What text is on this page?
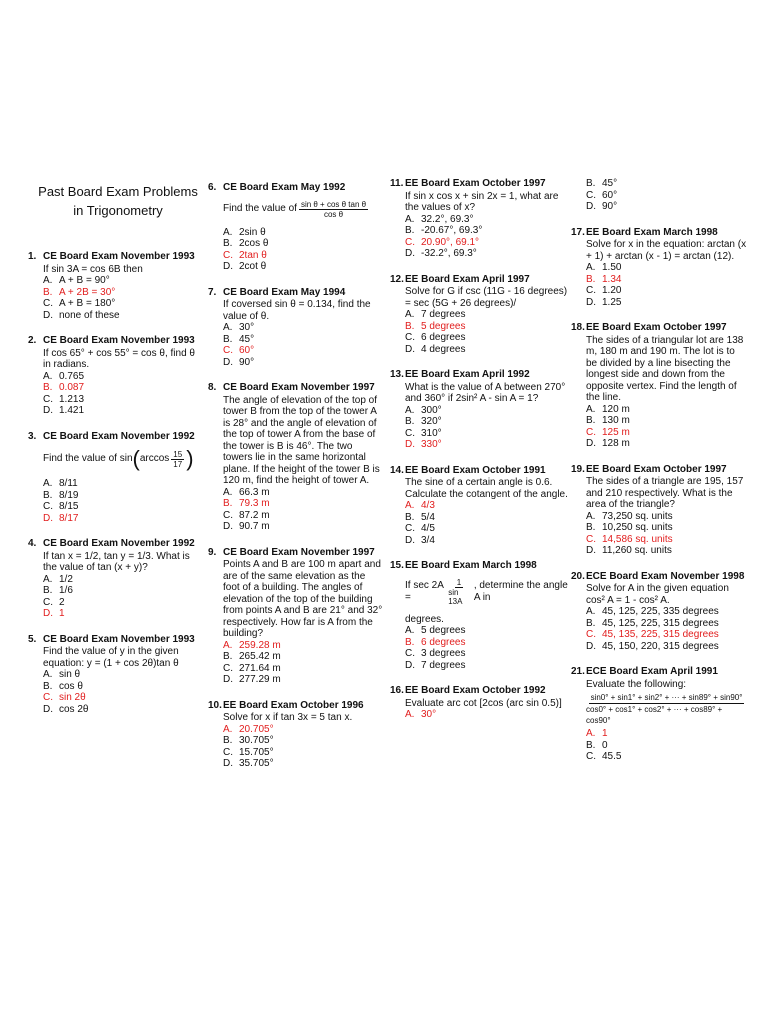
Past Board Exam Problems
in Trigonometry
1. CE Board Exam November 1993
If sin 3A = cos 6B then
A. A + B = 90°
B. A + 2B = 30°
C. A + B = 180°
D. none of these
2. CE Board Exam November 1993
If cos 65° + cos 55° = cos θ, find θ in radians.
A. 0.765
B. 0.087
C. 1.213
D. 1.421
3. CE Board Exam November 1992
Find the value of
sin ( $\arccos \frac{15}{17}$ )
A. 8/11
B. 8/19
C. 8/15
D. 8/17
4. CE Board Exam November 1992
If tan x = 1/2, tan y = 1/3. What is the value of tan (x + y)?
A. 1/2
B. 1/6
C. 2
D. 1
5. CE Board Exam November 1993
Find the value of y in the given equation: y = (1 + cos 2θ)tan θ
A. sin θ
B. cos θ
C. sin 2θ
D. cos 2θ
6. CE Board Exam May 1992
Find the value of $\frac{\text{sin θ + cos θ tan θ}}{\text{cos θ}}$
A. 2sin θ
B. 2cos θ
C. 2tan θ
D. 2cot θ
7. CE Board Exam May 1994
If coversed sin θ = 0.134, find the value of θ.
A. 30°
B. 45°
C. 60°
D. 90°
8. CE Board Exam November 1997
The angle of elevation of the top of tower B from the top of the tower A is 28° and the angle of elevation of the top of tower A from the base of the tower is B is 46°. The two towers lie in the same horizontal plane. If the height of the tower B is 120 m, find the height of tower A.
A. 66.3 m
B. 79.3 m
C. 87.2 m
D. 90.7 m
9. CE Board Exam November 1997
Points A and B are 100 m apart and are of the same elevation as the foot of a building. The angles of elevation of the top of the building from points A and B are 21° and 32° respectively. How far is A from the building?
A. 259.28 m
B. 265.42 m
C. 271.64 m
D. 277.29 m
10. EE Board Exam October 1996
Solve for x if tan 3x = 5 tan x.
A. 20.705°
B. 30.705°
C. 15.705°
D. 35.705°
11. EE Board Exam October 1997
If sin x cos x + sin 2x = 1, what are the values of x?
A. 32.2°, 69.3°
B. -20.67°, 69.3°
C. 20.90°, 69.1°
D. -32.2°, 69.3°
12. EE Board Exam April 1997
Solve for G if csc (11G - 16 degrees) = sec (5G + 26 degrees)/
A. 7 degrees
B. 5 degrees
C. 6 degrees
D. 4 degrees
13. EE Board Exam April 1992
What is the value of A between 270° and 360° if 2sin² A - sin A = 1?
A. 300°
B. 320°
C. 310°
D. 330°
14. EE Board Exam October 1991
The sine of a certain angle is 0.6. Calculate the cotangent of the angle.
A. 4/3
B. 5/4
C. 4/5
D. 3/4
15. EE Board Exam March 1998
If sec 2A =	$\frac{1}{\sin 13A}$ , determine the angle A in
degrees.
A. 5 degrees
B. 6 degrees
C. 3 degrees
D. 7 degrees
16. EE Board Exam October 1992
Evaluate arc cot [2cos (arc sin 0.5)]
A. 30°
B. 45°
C. 60°
D. 90°
17. EE Board Exam March 1998
Solve for x in the equation: arctan (x + 1) + arctan (x - 1) = arctan (12).
A. 1.50
B. 1.34
C. 1.20
D. 1.25
18. EE Board Exam October 1997
The sides of a triangular lot are 138 m, 180 m and 190 m. The lot is to be divided by a line bisecting the longest side and down from the opposite vertex. Find the length of the line.
A. 120 m
B. 130 m
C. 125 m
D. 128 m
19. EE Board Exam October 1997
The sides of a triangle are 195, 157 and 210 respectively. What is the area of the triangle?
A. 73,250 sq. units
B. 10,250 sq. units
C. 14,586 sq. units
D. 11,260 sq. units
20. ECE Board Exam November 1998
Solve for A in the given equation cos² A = 1 - cos² A.
A. 45, 125, 225, 335 degrees
B. 45, 125, 225, 315 degrees
C. 45, 135, 225, 315 degrees
D. 45, 150, 220, 315 degrees
21. ECE Board Exam April 1991
Evaluate the following:
sin0° + sin1° + sin2° + ··· + sin89° + sin90°
cos0° + cos1° + cos2° + ··· + cos89° + cos90°
A. 1
B. 0
C. 45.5
